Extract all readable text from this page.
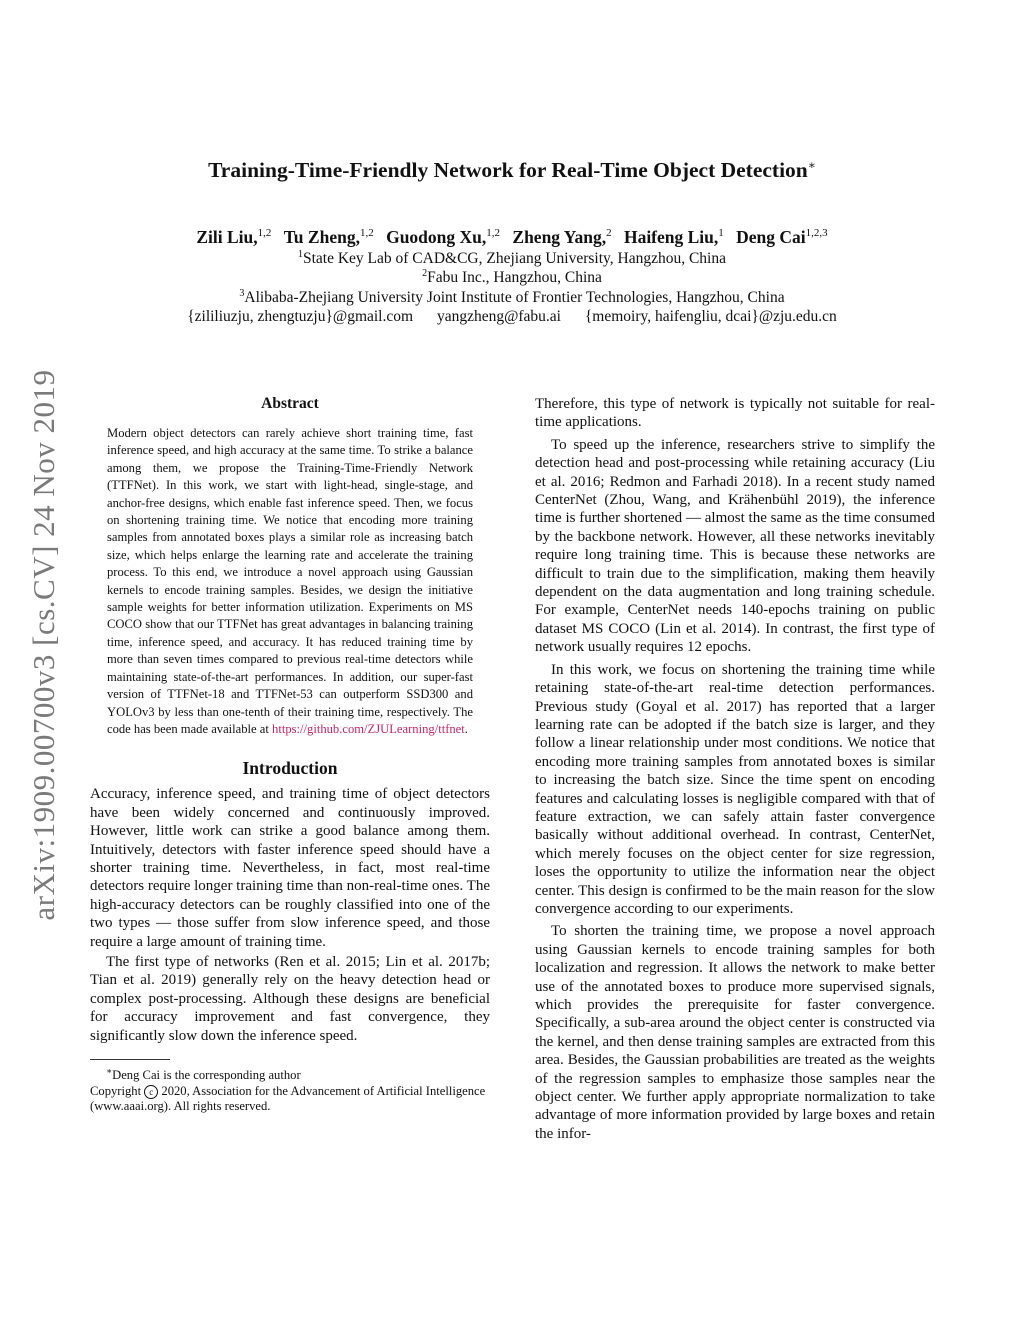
arXiv:1909.00700v3 [cs.CV] 24 Nov 2019
Training-Time-Friendly Network for Real-Time Object Detection∗
Zili Liu,$^{1,2}$ Tu Zheng,$^{1,2}$ Guodong Xu,$^{1,2}$ Zheng Yang,$^2$ Haifeng Liu,$^1$ Deng Cai$^{1,2,3}$
$^1$State Key Lab of CAD&CG, Zhejiang University, Hangzhou, China
$^2$Fabu Inc., Hangzhou, China
$^3$Alibaba-Zhejiang University Joint Institute of Frontier Technologies, Hangzhou, China
{zililiuzju, zhengtuzju}@gmail.com yangzheng@fabu.ai {memoiry, haifengliu, dcai}@zju.edu.cn
Abstract
Modern object detectors can rarely achieve short training time, fast inference speed, and high accuracy at the same time. To strike a balance among them, we propose the Training-Time-Friendly Network (TTFNet). In this work, we start with light-head, single-stage, and anchor-free designs, which enable fast inference speed. Then, we focus on shortening training time. We notice that encoding more training samples from annotated boxes plays a similar role as increasing batch size, which helps enlarge the learning rate and accelerate the training process. To this end, we introduce a novel approach using Gaussian kernels to encode training samples. Besides, we design the initiative sample weights for better information utilization. Experiments on MS COCO show that our TTFNet has great advantages in balancing training time, inference speed, and accuracy. It has reduced training time by more than seven times compared to previous real-time detectors while maintaining state-of-the-art performances. In addition, our super-fast version of TTFNet-18 and TTFNet-53 can outperform SSD300 and YOLOv3 by less than one-tenth of their training time, respectively. The code has been made available at https://github.com/ZJULearning/ttfnet.
Introduction

Accuracy, inference speed, and training time of object detectors have been widely concerned and continuously improved. However, little work can strike a good balance among them. Intuitively, detectors with faster inference speed should have a shorter training time. Nevertheless, in fact, most real-time detectors require longer training time than non-real-time ones. The high-accuracy detectors can be roughly classified into one of the two types — those suffer from slow inference speed, and those require a large amount of training time.

The first type of networks (Ren et al. 2015; Lin et al. 2017b; Tian et al. 2019) generally rely on the heavy detection head or complex post-processing. Although these designs are beneficial for accuracy improvement and fast convergence, they significantly slow down the inference speed.

∗Deng Cai is the corresponding author
Copyright c 2020, Association for the Advancement of Artificial Intelligence (www.aaai.org). All rights reserved.

Therefore, this type of network is typically not suitable for real-time applications.

To speed up the inference, researchers strive to simplify the detection head and post-processing while retaining accuracy (Liu et al. 2016; Redmon and Farhadi 2018). In a recent study named CenterNet (Zhou, Wang, and Krähenbühl 2019), the inference time is further shortened — almost the same as the time consumed by the backbone network. However, all these networks inevitably require long training time. This is because these networks are difficult to train due to the simplification, making them heavily dependent on the data augmentation and long training schedule. For example, CenterNet needs 140-epochs training on public dataset MS COCO (Lin et al. 2014). In contrast, the first type of network usually requires 12 epochs.

In this work, we focus on shortening the training time while retaining state-of-the-art real-time detection performances. Previous study (Goyal et al. 2017) has reported that a larger learning rate can be adopted if the batch size is larger, and they follow a linear relationship under most conditions. We notice that encoding more training samples from annotated boxes is similar to increasing the batch size. Since the time spent on encoding features and calculating losses is negligible compared with that of feature extraction, we can safely attain faster convergence basically without additional overhead. In contrast, CenterNet, which merely focuses on the object center for size regression, loses the opportunity to utilize the information near the object center. This design is confirmed to be the main reason for the slow convergence according to our experiments.

To shorten the training time, we propose a novel approach using Gaussian kernels to encode training samples for both localization and regression. It allows the network to make better use of the annotated boxes to produce more supervised signals, which provides the prerequisite for faster convergence. Specifically, a sub-area around the object center is constructed via the kernel, and then dense training samples are extracted from this area. Besides, the Gaussian probabilities are treated as the weights of the regression samples to emphasize those samples near the object center. We further apply appropriate normalization to take advantage of more information provided by large boxes and retain the infor-
